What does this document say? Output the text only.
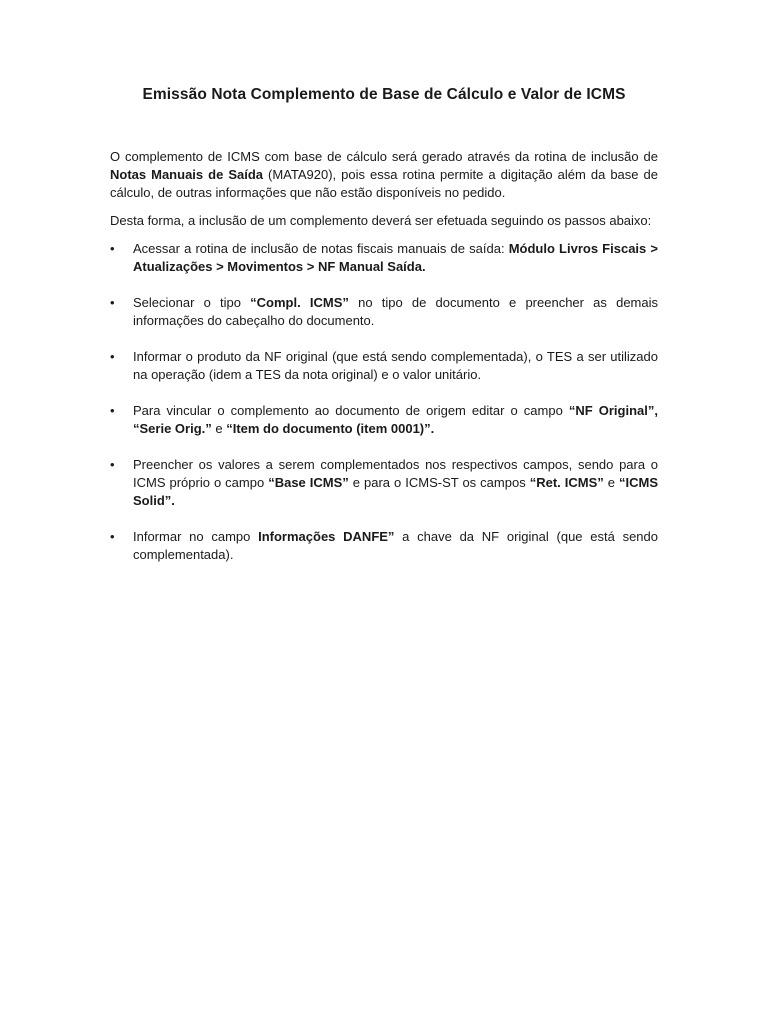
Emissão Nota Complemento de Base de Cálculo e Valor de ICMS

O complemento de ICMS com base de cálculo será gerado através da rotina de inclusão de Notas Manuais de Saída (MATA920), pois essa rotina permite a digitação além da base de cálculo, de outras informações que não estão disponíveis no pedido.

Desta forma, a inclusão de um complemento deverá ser efetuada seguindo os passos abaixo:

• Acessar a rotina de inclusão de notas fiscais manuais de saída: Módulo Livros Fiscais > Atualizações > Movimentos > NF Manual Saída.
• Selecionar o tipo “Compl. ICMS” no tipo de documento e preencher as demais informações do cabeçalho do documento.
• Informar o produto da NF original (que está sendo complementada), o TES a ser utilizado na operação (idem a TES da nota original) e o valor unitário.
• Para vincular o complemento ao documento de origem editar o campo “NF Original”, “Serie Orig.” e “Item do documento (item 0001)”.
• Preencher os valores a serem complementados nos respectivos campos, sendo para o ICMS próprio o campo “Base ICMS” e para o ICMS-ST os campos “Ret. ICMS” e “ICMS Solid”.
• Informar no campo Informações DANFE” a chave da NF original (que está sendo complementada).
